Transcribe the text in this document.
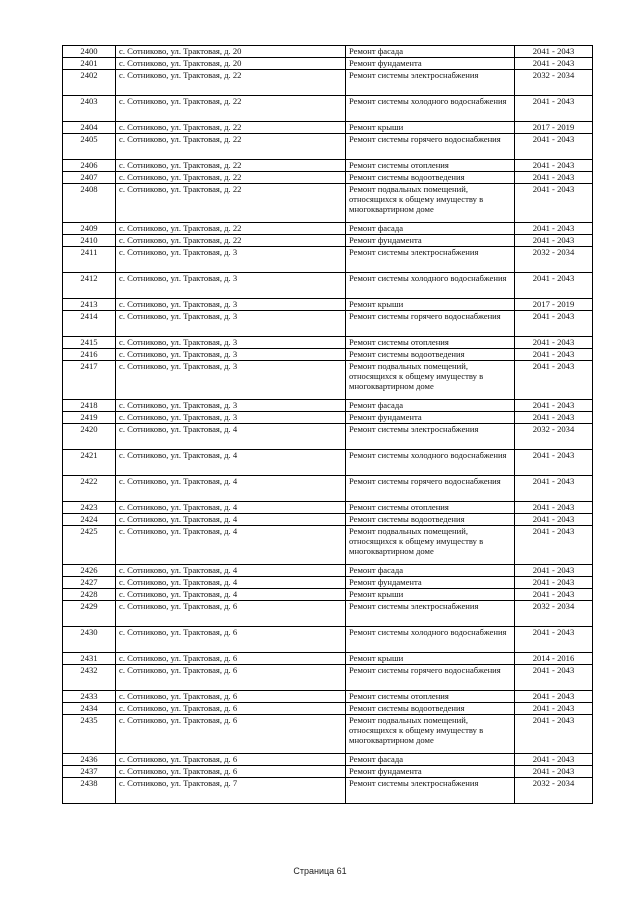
2400	с. Сотниково, ул. Трактовая, д. 20	Ремонт фасада	2041 - 2043
2401	с. Сотниково, ул. Трактовая, д. 20	Ремонт фундамента	2041 - 2043
2402	с. Сотниково, ул. Трактовая, д. 22	Ремонт системы электроснабжения	2032 - 2034
2403	с. Сотниково, ул. Трактовая, д. 22	Ремонт системы холодного водоснабжения	2041 - 2043
2404	с. Сотниково, ул. Трактовая, д. 22	Ремонт крыши	2017 - 2019
2405	с. Сотниково, ул. Трактовая, д. 22	Ремонт системы горячего водоснабжения	2041 - 2043
2406	с. Сотниково, ул. Трактовая, д. 22	Ремонт системы отопления	2041 - 2043
2407	с. Сотниково, ул. Трактовая, д. 22	Ремонт системы водоотведения	2041 - 2043
2408	с. Сотниково, ул. Трактовая, д. 22	Ремонт подвальных помещений, относящихся к общему имуществу в многоквартирном доме	2041 - 2043
2409	с. Сотниково, ул. Трактовая, д. 22	Ремонт фасада	2041 - 2043
2410	с. Сотниково, ул. Трактовая, д. 22	Ремонт фундамента	2041 - 2043
2411	с. Сотниково, ул. Трактовая, д. 3	Ремонт системы электроснабжения	2032 - 2034
2412	с. Сотниково, ул. Трактовая, д. 3	Ремонт системы холодного водоснабжения	2041 - 2043
2413	с. Сотниково, ул. Трактовая, д. 3	Ремонт крыши	2017 - 2019
2414	с. Сотниково, ул. Трактовая, д. 3	Ремонт системы горячего водоснабжения	2041 - 2043
2415	с. Сотниково, ул. Трактовая, д. 3	Ремонт системы отопления	2041 - 2043
2416	с. Сотниково, ул. Трактовая, д. 3	Ремонт системы водоотведения	2041 - 2043
2417	с. Сотниково, ул. Трактовая, д. 3	Ремонт подвальных помещений, относящихся к общему имуществу в многоквартирном доме	2041 - 2043
2418	с. Сотниково, ул. Трактовая, д. 3	Ремонт фасада	2041 - 2043
2419	с. Сотниково, ул. Трактовая, д. 3	Ремонт фундамента	2041 - 2043
2420	с. Сотниково, ул. Трактовая, д. 4	Ремонт системы электроснабжения	2032 - 2034
2421	с. Сотниково, ул. Трактовая, д. 4	Ремонт системы холодного водоснабжения	2041 - 2043
2422	с. Сотниково, ул. Трактовая, д. 4	Ремонт системы горячего водоснабжения	2041 - 2043
2423	с. Сотниково, ул. Трактовая, д. 4	Ремонт системы отопления	2041 - 2043
2424	с. Сотниково, ул. Трактовая, д. 4	Ремонт системы водоотведения	2041 - 2043
2425	с. Сотниково, ул. Трактовая, д. 4	Ремонт подвальных помещений, относящихся к общему имуществу в многоквартирном доме	2041 - 2043
2426	с. Сотниково, ул. Трактовая, д. 4	Ремонт фасада	2041 - 2043
2427	с. Сотниково, ул. Трактовая, д. 4	Ремонт фундамента	2041 - 2043
2428	с. Сотниково, ул. Трактовая, д. 4	Ремонт крыши	2041 - 2043
2429	с. Сотниково, ул. Трактовая, д. 6	Ремонт системы электроснабжения	2032 - 2034
2430	с. Сотниково, ул. Трактовая, д. 6	Ремонт системы холодного водоснабжения	2041 - 2043
2431	с. Сотниково, ул. Трактовая, д. 6	Ремонт крыши	2014 - 2016
2432	с. Сотниково, ул. Трактовая, д. 6	Ремонт системы горячего водоснабжения	2041 - 2043
2433	с. Сотниково, ул. Трактовая, д. 6	Ремонт системы отопления	2041 - 2043
2434	с. Сотниково, ул. Трактовая, д. 6	Ремонт системы водоотведения	2041 - 2043
2435	с. Сотниково, ул. Трактовая, д. 6	Ремонт подвальных помещений, относящихся к общему имуществу в многоквартирном доме	2041 - 2043
2436	с. Сотниково, ул. Трактовая, д. 6	Ремонт фасада	2041 - 2043
2437	с. Сотниково, ул. Трактовая, д. 6	Ремонт фундамента	2041 - 2043
2438	с. Сотниково, ул. Трактовая, д. 7	Ремонт системы электроснабжения	2032 - 2034
Страница 61
